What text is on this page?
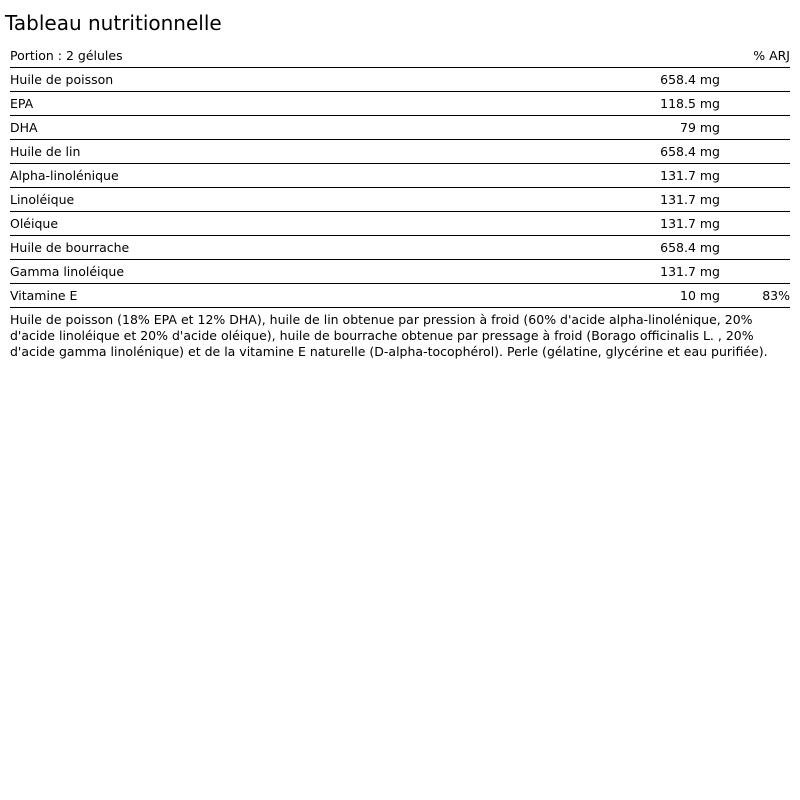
Tableau nutritionnelle
Portion : 2 gélules		% ARJ
Huile de poisson	658.4 mg	
EPA	118.5 mg	
DHA	79 mg	
Huile de lin	658.4 mg	
Alpha-linolénique	131.7 mg	
Linoléique	131.7 mg	
Oléique	131.7 mg	
Huile de bourrache	658.4 mg	
Gamma linoléique	131.7 mg	
Vitamine E	10 mg	83%
Huile de poisson (18% EPA et 12% DHA), huile de lin obtenue par pression à froid (60% d'acide alpha-linolénique, 20% d'acide linoléique et 20% d'acide oléique), huile de bourrache obtenue par pressage à froid (Borago officinalis L. , 20% d'acide gamma linolénique) et de la vitamine E naturelle (D-alpha-tocophérol). Perle (gélatine, glycérine et eau purifiée).
